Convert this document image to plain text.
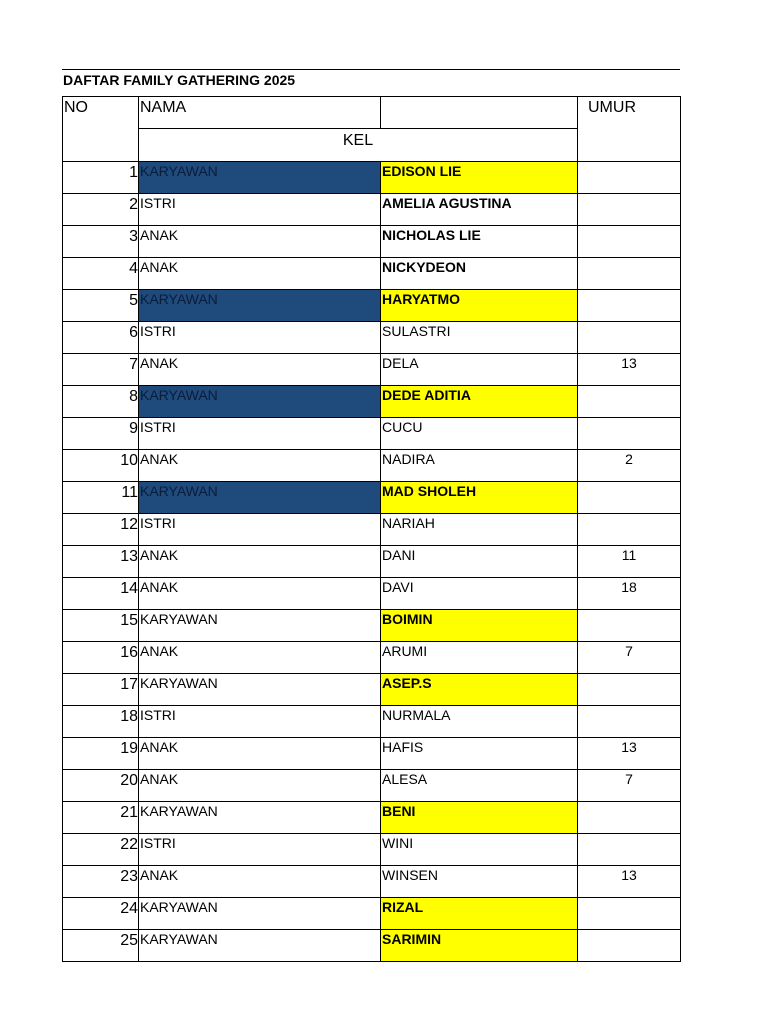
DAFTAR FAMILY GATHERING 2025
NO	NAMA		UMUR
	KEL		
1	KARYAWAN	EDISON LIE	
2	ISTRI	AMELIA AGUSTINA	
3	ANAK	NICHOLAS LIE	
4	ANAK	NICKYDEON	
5	KARYAWAN	HARYATMO	
6	ISTRI	SULASTRI	
7	ANAK	DELA	13
8	KARYAWAN	DEDE ADITIA	
9	ISTRI	CUCU	
10	ANAK	NADIRA	2
11	KARYAWAN	MAD SHOLEH	
12	ISTRI	NARIAH	
13	ANAK	DANI	11
14	ANAK	DAVI	18
15	KARYAWAN	BOIMIN	
16	ANAK	ARUMI	7
17	KARYAWAN	ASEP.S	
18	ISTRI	NURMALA	
19	ANAK	HAFIS	13
20	ANAK	ALESA	7
21	KARYAWAN	BENI	
22	ISTRI	WINI	
23	ANAK	WINSEN	13
24	KARYAWAN	RIZAL	
25	KARYAWAN	SARIMIN	
